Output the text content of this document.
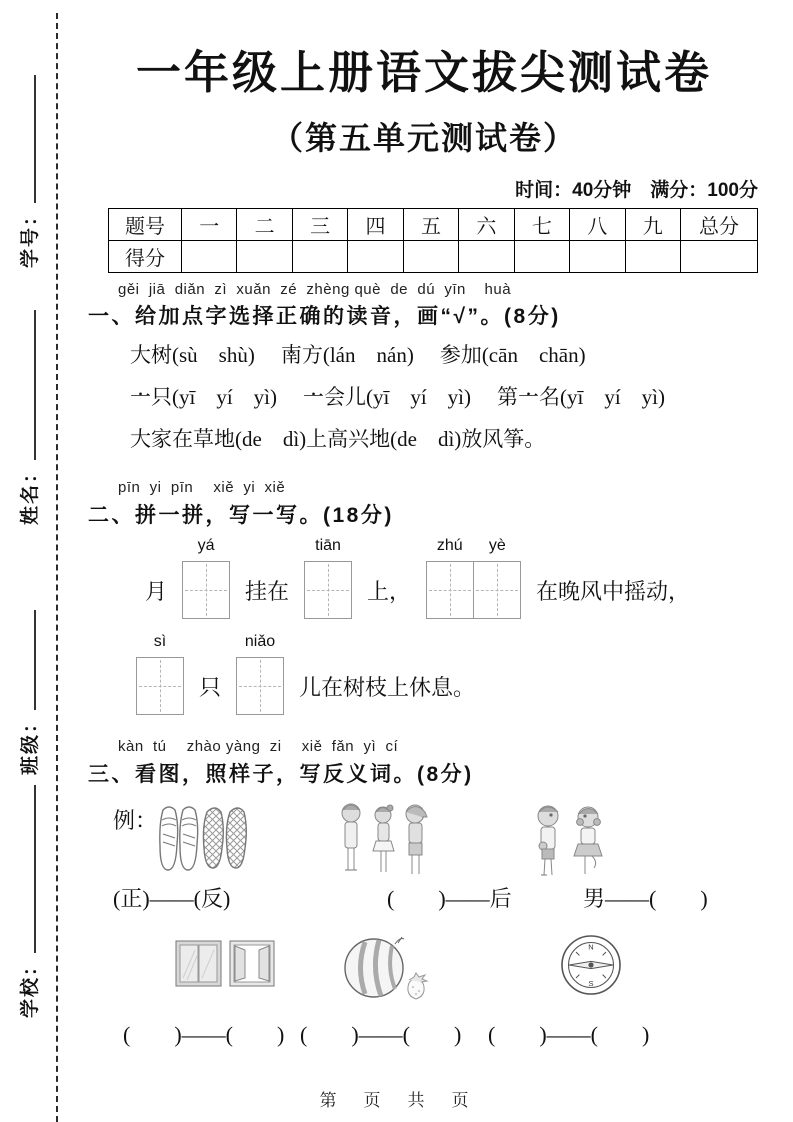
学号：
姓名：
班级：
学校：
一年级上册语文拔尖测试卷
（第五单元测试卷）
时间：40分钟　满分：100分
题号	一	二	三	四	五	六	七	八	九	总分
得分										
gěi  jiā  diǎn  zì  xuǎn  zé  zhèng què  de  dú  yīn    huà
一、给加点字选择正确的读音，画“√”。(8分)
大树 •(sù　shù) 南 •方(lán　nán) 参 •加(cān　chān)
一 •只(yī　yí　yì) 一 •会儿(yī　yí　yì) 第一 •名(yī　yí　yì)
大家在草地 •(de　dì)上高兴地 •(de　dì)放风筝。
pīn  yi  pīn　 xiě  yi  xiě
二、拼一拼，写一写。(18分)
月
yá
挂在
tiān
上，
zhú	yè
在晚风中摇动，
sì
只
niǎo
儿在树枝上休息。
kàn  tú　 zhào yàng  zi　 xiě  fǎn  yì  cí
三、看图，照样子，写反义词。(8分)
例：
(正)——(反)	(　　)——后	男——(　　)
N
S
(　　)——(　　) (　　)——(　　) (　　)——(　　)
第　页　共　页
